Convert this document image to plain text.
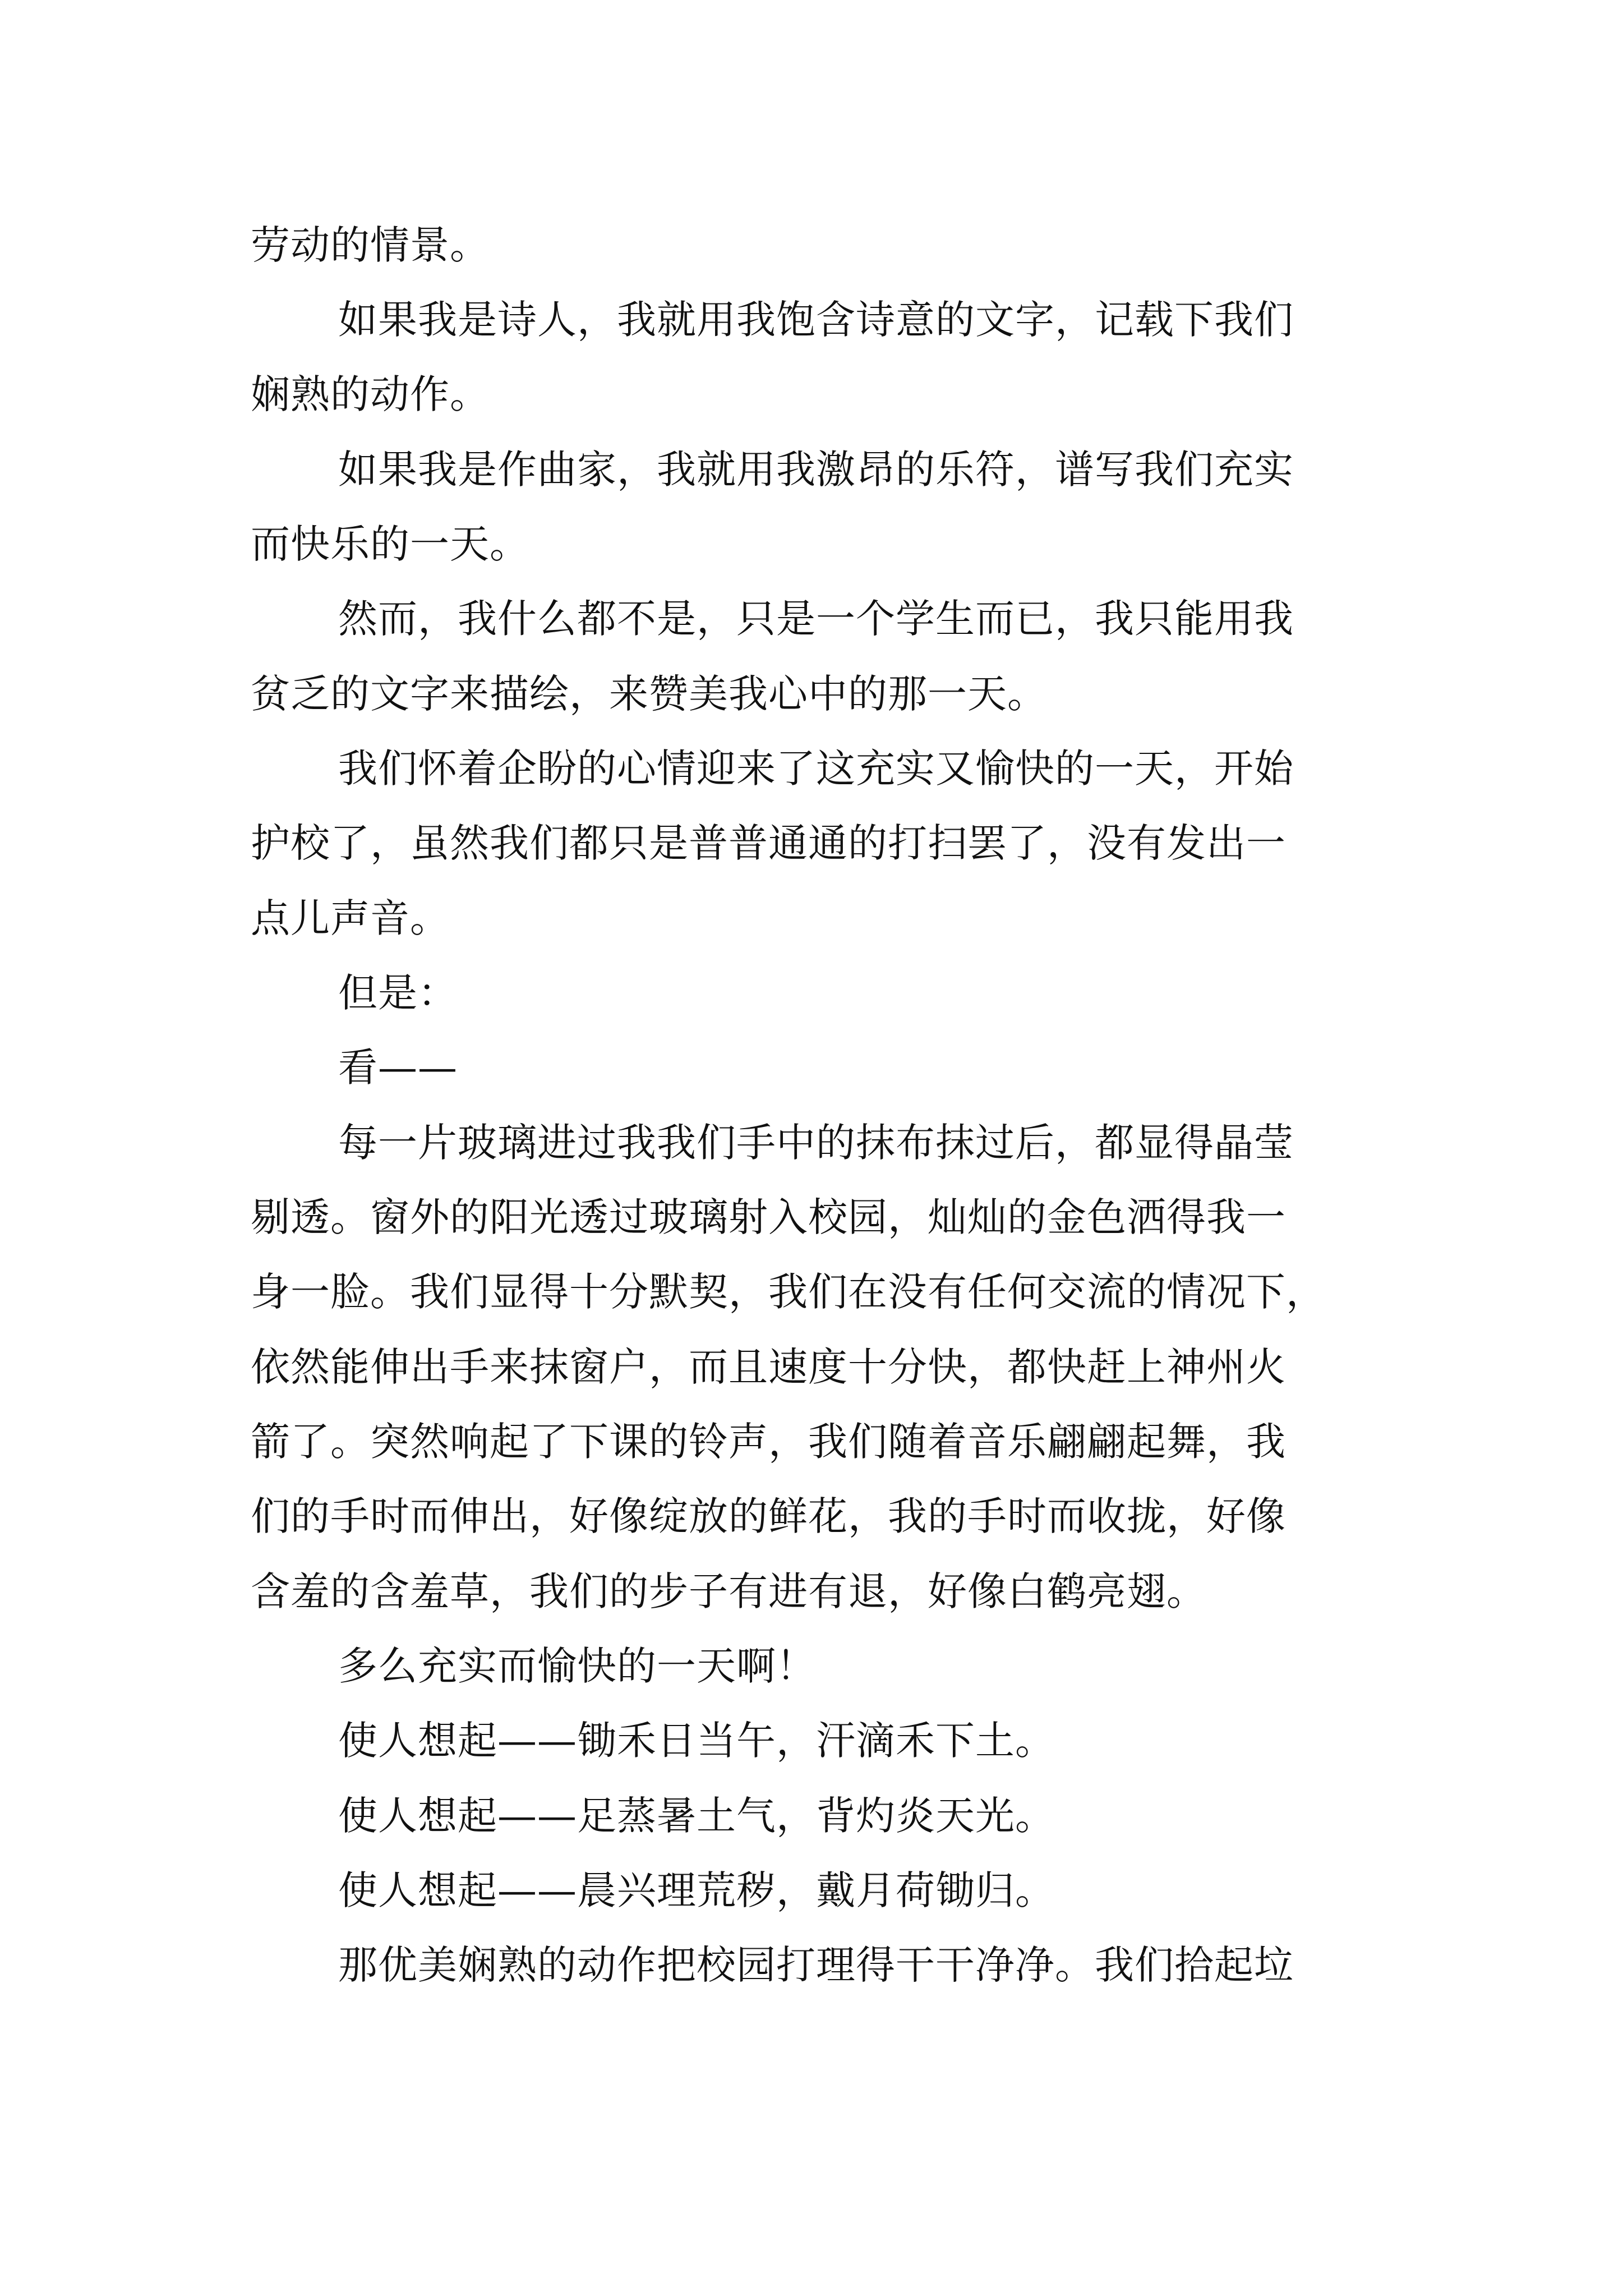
劳动的情景。
如果我是诗人，我就用我饱含诗意的文字，记载下我们
娴熟的动作。
如果我是作曲家，我就用我激昂的乐符，谱写我们充实
而快乐的一天。
然而，我什么都不是，只是一个学生而已，我只能用我
贫乏的文字来描绘，来赞美我心中的那一天。
我们怀着企盼的心情迎来了这充实又愉快的一天，开始
护校了，虽然我们都只是普普通通的打扫罢了，没有发出一
点儿声音。
但是：
看——
每一片玻璃进过我我们手中的抹布抹过后，都显得晶莹
剔透。窗外的阳光透过玻璃射入校园，灿灿的金色洒得我一
身一脸。我们显得十分默契，我们在没有任何交流的情况下，
依然能伸出手来抹窗户，而且速度十分快，都快赶上神州火
箭了。突然响起了下课的铃声，我们随着音乐翩翩起舞，我
们的手时而伸出，好像绽放的鲜花，我的手时而收拢，好像
含羞的含羞草，我们的步子有进有退，好像白鹤亮翅。
多么充实而愉快的一天啊！
使人想起——锄禾日当午，汗滴禾下土。
使人想起——足蒸暑土气，背灼炎天光。
使人想起——晨兴理荒秽，戴月荷锄归。
那优美娴熟的动作把校园打理得干干净净。我们拾起垃
